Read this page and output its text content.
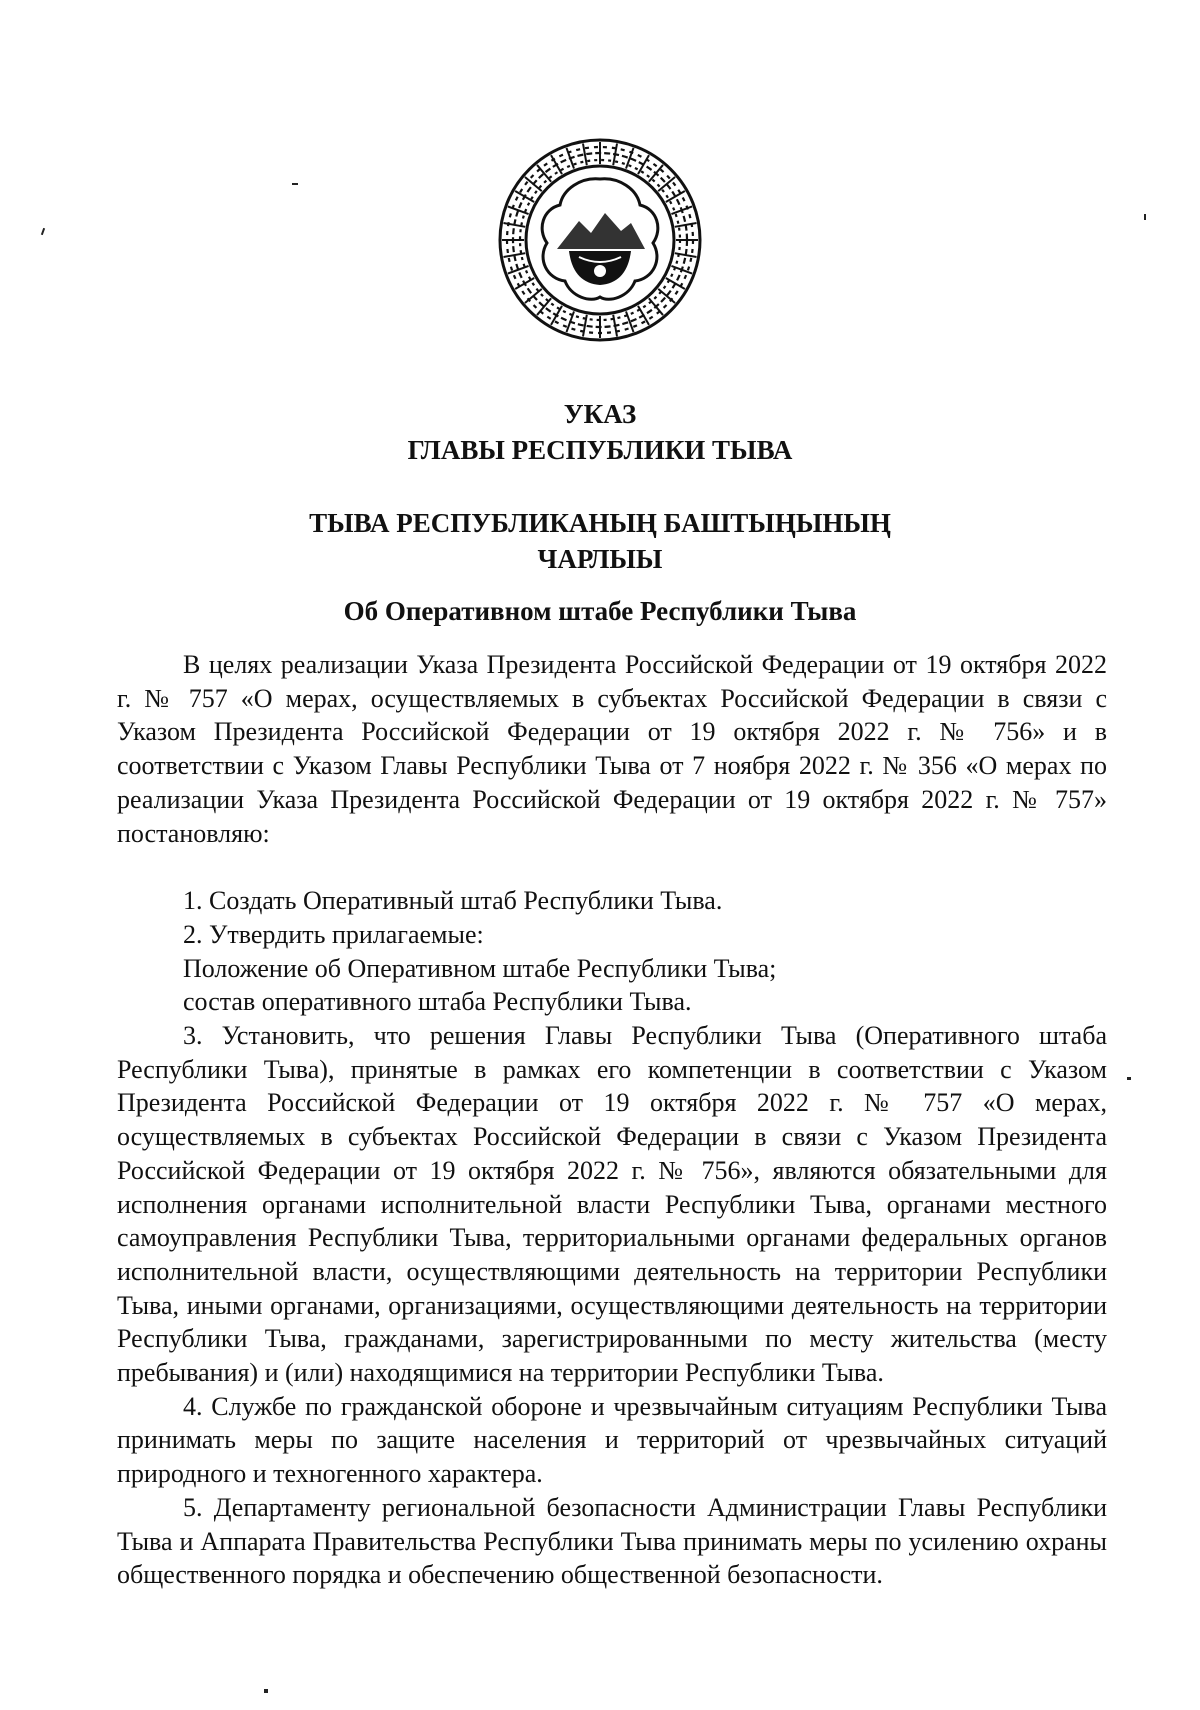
УКАЗ
ГЛАВЫ РЕСПУБЛИКИ ТЫВА
ТЫВА РЕСПУБЛИКАНЫҢ БАШТЫҢЫНЫҢ
ЧАРЛЫЫ
Об Оперативном штабе Республики Тыва

В целях реализации Указа Президента Российской Федерации от 19 октября 2022 г. № 757 «О мерах, осуществляемых в субъектах Российской Федерации в связи с Указом Президента Российской Федерации от 19 октября 2022 г. № 756» и в соответствии с Указом Главы Республики Тыва от 7 ноября 2022 г. № 356 «О мерах по реализации Указа Президента Российской Федерации от 19 октября 2022 г. № 757» постановляю:

1. Создать Оперативный штаб Республики Тыва.

2. Утвердить прилагаемые:

Положение об Оперативном штабе Республики Тыва;

состав оперативного штаба Республики Тыва.

3. Установить, что решения Главы Республики Тыва (Оперативного штаба Республики Тыва), принятые в рамках его компетенции в соответствии с Указом Президента Российской Федерации от 19 октября 2022 г. № 757 «О мерах, осуществляемых в субъектах Российской Федерации в связи с Указом Президента Российской Федерации от 19 октября 2022 г. № 756», являются обязательными для исполнения органами исполнительной власти Республики Тыва, органами местного самоуправления Республики Тыва, территориальными органами федеральных органов исполнительной власти, осуществляющими деятельность на территории Республики Тыва, иными органами, организациями, осуществляющими деятельность на территории Республики Тыва, гражданами, зарегистрированными по месту жительства (месту пребывания) и (или) находящимися на территории Республики Тыва.

4. Службе по гражданской обороне и чрезвычайным ситуациям Республики Тыва принимать меры по защите населения и территорий от чрезвычайных ситуаций природного и техногенного характера.

5. Департаменту региональной безопасности Администрации Главы Республики Тыва и Аппарата Правительства Республики Тыва принимать меры по усилению охраны общественного порядка и обеспечению общественной безопасности.
